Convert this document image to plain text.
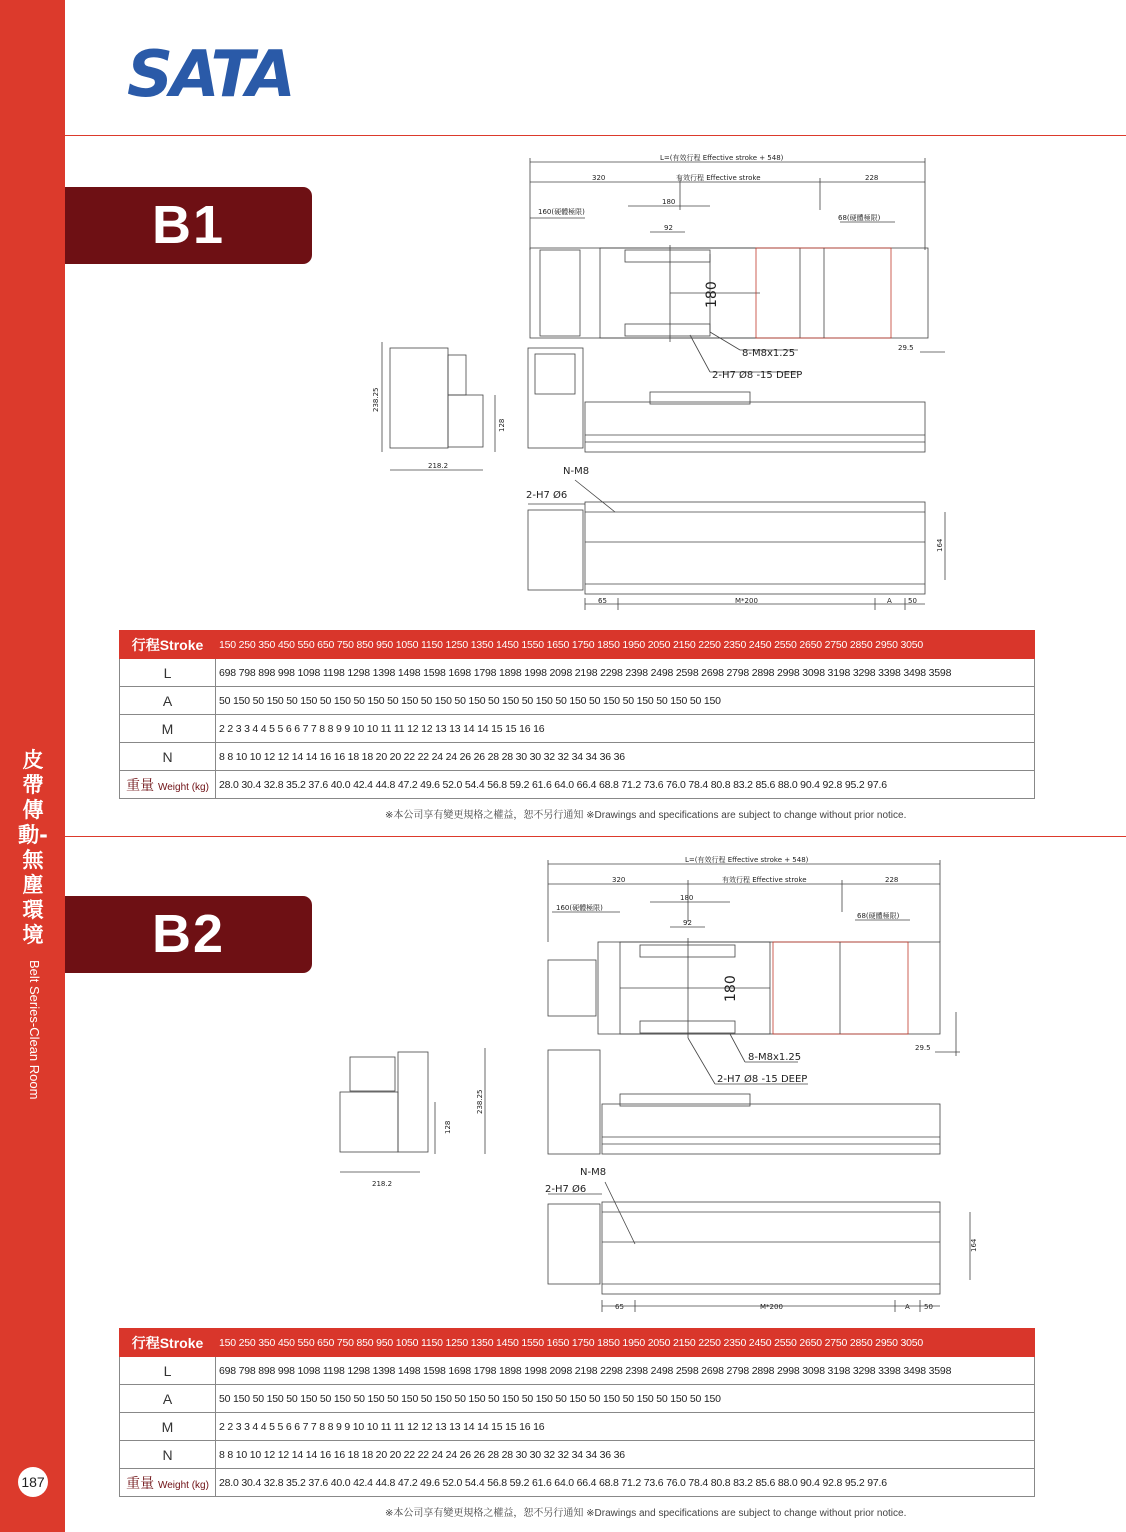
皮帶傳動-無塵環境
Belt Series-Clean Room
187
SATA
B1
L=(有效行程 Effective stroke + 548)
320	有效行程 Effective stroke	228
160(硬體極限)
180
92
68(硬體極限)
180
8-M8x1.25
2-H7 Ø8 -15 DEEP
29.5
238.25
128
218.2	N-M8
2-H7 Ø6
164
65	M*200	A 50
行程Stroke	150 250 350 450 550 650 750 850 950 1050 1150 1250 1350 1450 1550 1650 1750 1850 1950 2050 2150 2250 2350 2450 2550 2650 2750 2850 2950 3050
L	698 798 898 998 1098 1198 1298 1398 1498 1598 1698 1798 1898 1998 2098 2198 2298 2398 2498 2598 2698 2798 2898 2998 3098 3198 3298 3398 3498 3598
A	50 150 50 150 50 150 50 150 50 150 50 150 50 150 50 150 50 150 50 150 50 150 50 150 50 150 50 150 50 150
M	2 2 3 3 4 4 5 5 6 6 7 7 8 8 9 9 10 10 11 11 12 12 13 13 14 14 15 15 16 16
N	8 8 10 10 12 12 14 14 16 16 18 18 20 20 22 22 24 24 26 26 28 28 30 30 32 32 34 34 36 36
重量 Weight (kg)	28.0 30.4 32.8 35.2 37.6 40.0 42.4 44.8 47.2 49.6 52.0 54.4 56.8 59.2 61.6 64.0 66.4 68.8 71.2 73.6 76.0 78.4 80.8 83.2 85.6 88.0 90.4 92.8 95.2 97.6
※本公司享有變更規格之權益，恕不另行通知 ※Drawings and specifications are subject to change without prior notice.
B2
L=(有效行程 Effective stroke + 548)
320	有效行程 Effective stroke	228
160(硬體極限)
180
92
68(硬體極限)
180
8-M8x1.25
2-H7 Ø8 -15 DEEP
29.5
238.25
128
218.2
N-M8
2-H7 Ø6
164
65	M*200	A 50
行程Stroke	150 250 350 450 550 650 750 850 950 1050 1150 1250 1350 1450 1550 1650 1750 1850 1950 2050 2150 2250 2350 2450 2550 2650 2750 2850 2950 3050
L	698 798 898 998 1098 1198 1298 1398 1498 1598 1698 1798 1898 1998 2098 2198 2298 2398 2498 2598 2698 2798 2898 2998 3098 3198 3298 3398 3498 3598
A	50 150 50 150 50 150 50 150 50 150 50 150 50 150 50 150 50 150 50 150 50 150 50 150 50 150 50 150 50 150
M	2 2 3 3 4 4 5 5 6 6 7 7 8 8 9 9 10 10 11 11 12 12 13 13 14 14 15 15 16 16
N	8 8 10 10 12 12 14 14 16 16 18 18 20 20 22 22 24 24 26 26 28 28 30 30 32 32 34 34 36 36
重量 Weight (kg)	28.0 30.4 32.8 35.2 37.6 40.0 42.4 44.8 47.2 49.6 52.0 54.4 56.8 59.2 61.6 64.0 66.4 68.8 71.2 73.6 76.0 78.4 80.8 83.2 85.6 88.0 90.4 92.8 95.2 97.6
※本公司享有變更規格之權益，恕不另行通知 ※Drawings and specifications are subject to change without prior notice.
